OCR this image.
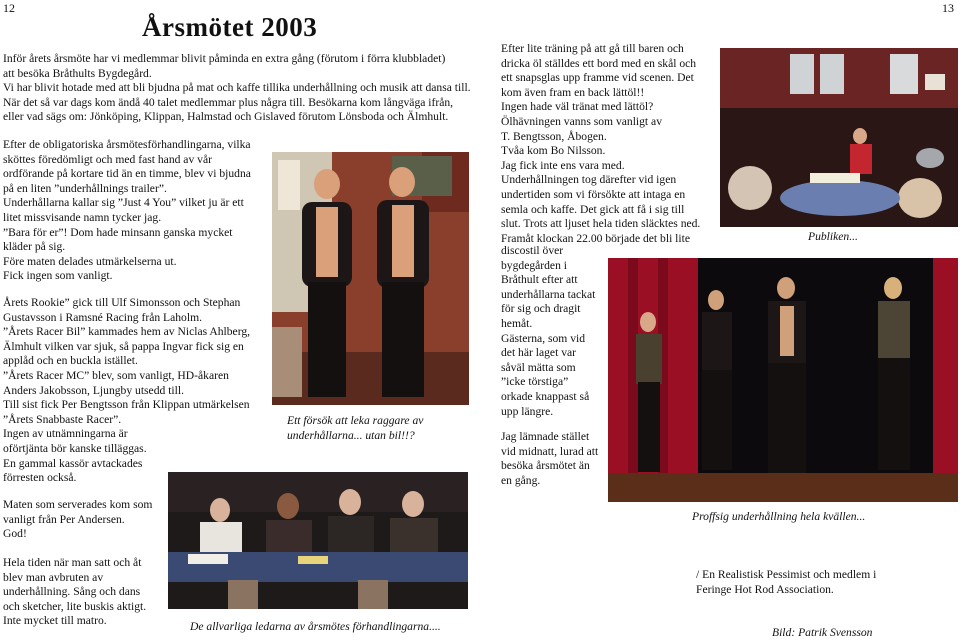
12	13
Årsmötet 2003
Inför årets årsmöte har vi medlemmar blivit påminda en extra gång (förutom i förra klubbladet)
att besöka Bråthults Bygdegård.
Vi har blivit hotade med att bli bjudna på mat och kaffe tillika underhållning och musik att dansa till.
När det så var dags kom ändå 40 talet medlemmar plus några till. Besökarna kom långväga ifrån,
eller vad sägs om: Jönköping, Klippan, Halmstad och Gislaved förutom Lönsboda och Älmhult.
Efter de obligatoriska årsmötesförhandlingarna, vilka
sköttes föredömligt och med fast hand av vår
ordförande på kortare tid än en timme, blev vi bjudna
på en liten ”underhållnings trailer”.
Underhållarna kallar sig ”Just 4 You” vilket ju är ett
litet missvisande namn tycker jag.
”Bara för er”! Dom hade minsann ganska mycket
kläder på sig.
Före maten delades utmärkelserna ut.
Fick ingen som vanligt.
Årets Rookie” gick till Ulf Simonsson och Stephan
Gustavsson i Ramsné Racing från Laholm.
”Årets Racer Bil” kammades hem av Niclas Ahlberg,
Älmhult vilken var sjuk, så pappa Ingvar fick sig en
applåd och en buckla istället.
”Årets Racer MC” blev, som vanligt, HD-åkaren
Anders Jakobsson, Ljungby utsedd till.
Till sist fick Per Bengtsson från Klippan utmärkelsen
”Årets Snabbaste Racer”.
Ingen av utnämningarna är
oförtjänta bör kanske tilläggas.
En gammal kassör avtackades
förresten också.
Maten som serverades kom som
vanligt från Per Andersen.
God!
Hela tiden när man satt och åt
blev man avbruten av
underhållning. Sång och dans
och sketcher, lite buskis aktigt.
Inte mycket till matro.
Ett försök att leka raggare av
underhållarna... utan bil!!?
De allvarliga ledarna av årsmötes förhandlingarna....
Efter lite träning på att gå till baren och
dricka öl ställdes ett bord med en skål och
ett snapsglas upp framme vid scenen. Det
kom även fram en back lättöl!!
Ingen hade väl tränat med lättöl?
Ölhävningen vanns som vanligt av
T. Bengtsson, Åbogen.
Tvåa kom Bo Nilsson.
Jag fick inte ens vara med.
Underhållningen tog därefter vid igen
undertiden som vi försökte att intaga en
semla och kaffe. Det gick att få i sig till
slut. Trots att ljuset hela tiden släcktes ned.
Framåt klockan 22.00 började det bli lite
discostil över
bygdegården i
Bråthult efter att
underhållarna tackat
för sig och dragit
hemåt.
Gästerna, som vid
det här laget var
såväl mätta som
”icke törstiga”
orkade knappast så
upp längre.
Jag lämnade stället
vid midnatt, lurad att
besöka årsmötet än
en gång.
Publiken...
Proffsig underhållning hela kvällen...
/ En Realistisk Pessimist och medlem i
Feringe Hot Rod Association.
Bild: Patrik Svensson
